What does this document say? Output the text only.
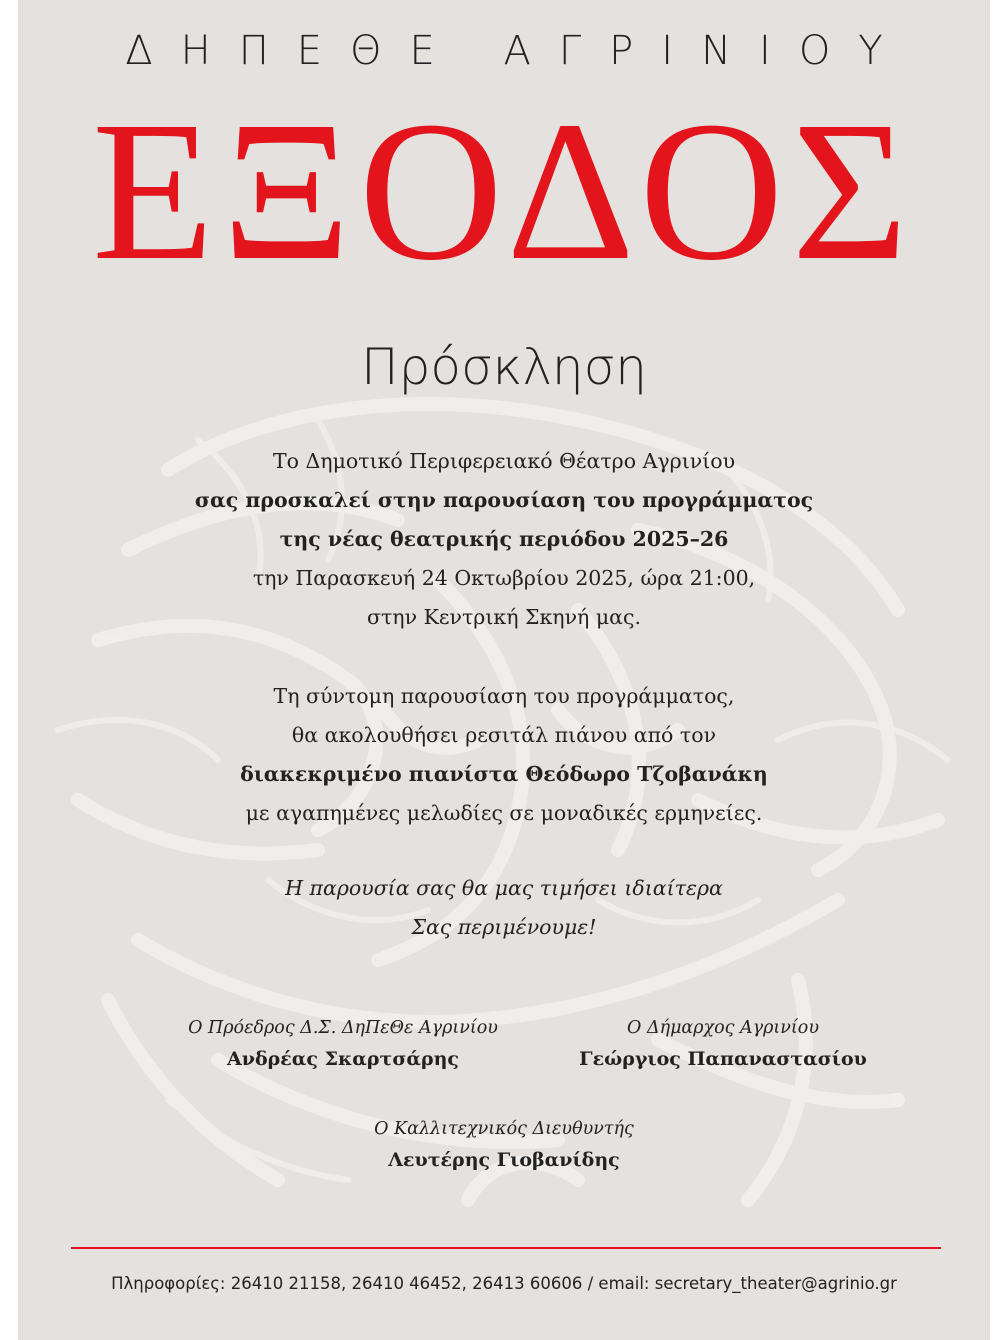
ΔΗΠΕΘΕ ΑΓΡΙΝΙΟΥ
ΕΞΟΔΟΣ
Πρόσκληση
Το Δημοτικό Περιφερειακό Θέατρο Αγρινίου
σας προσκαλεί στην παρουσίαση του προγράμματος
της νέας θεατρικής περιόδου 2025–26
την Παρασκευή 24 Οκτωβρίου 2025, ώρα 21:00,
στην Κεντρική Σκηνή μας.
Τη σύντομη παρουσίαση του προγράμματος,
θα ακολουθήσει ρεσιτάλ πιάνου από τον
διακεκριμένο πιανίστα Θεόδωρο Τζοβανάκη
με αγαπημένες μελωδίες σε μοναδικές ερμηνείες.
Η παρουσία σας θα μας τιμήσει ιδιαίτερα
Σας περιμένουμε!
Ο Πρόεδρος Δ.Σ. ΔηΠεΘε Αγρινίου
Ανδρέας Σκαρτσάρης
Ο Δήμαρχος Αγρινίου
Γεώργιος Παπαναστασίου
Ο Καλλιτεχνικός Διευθυντής
Λευτέρης Γιοβανίδης
Πληροφορίες: 26410 21158, 26410 46452, 26413 60606 / email: secretary_theater@agrinio.gr
